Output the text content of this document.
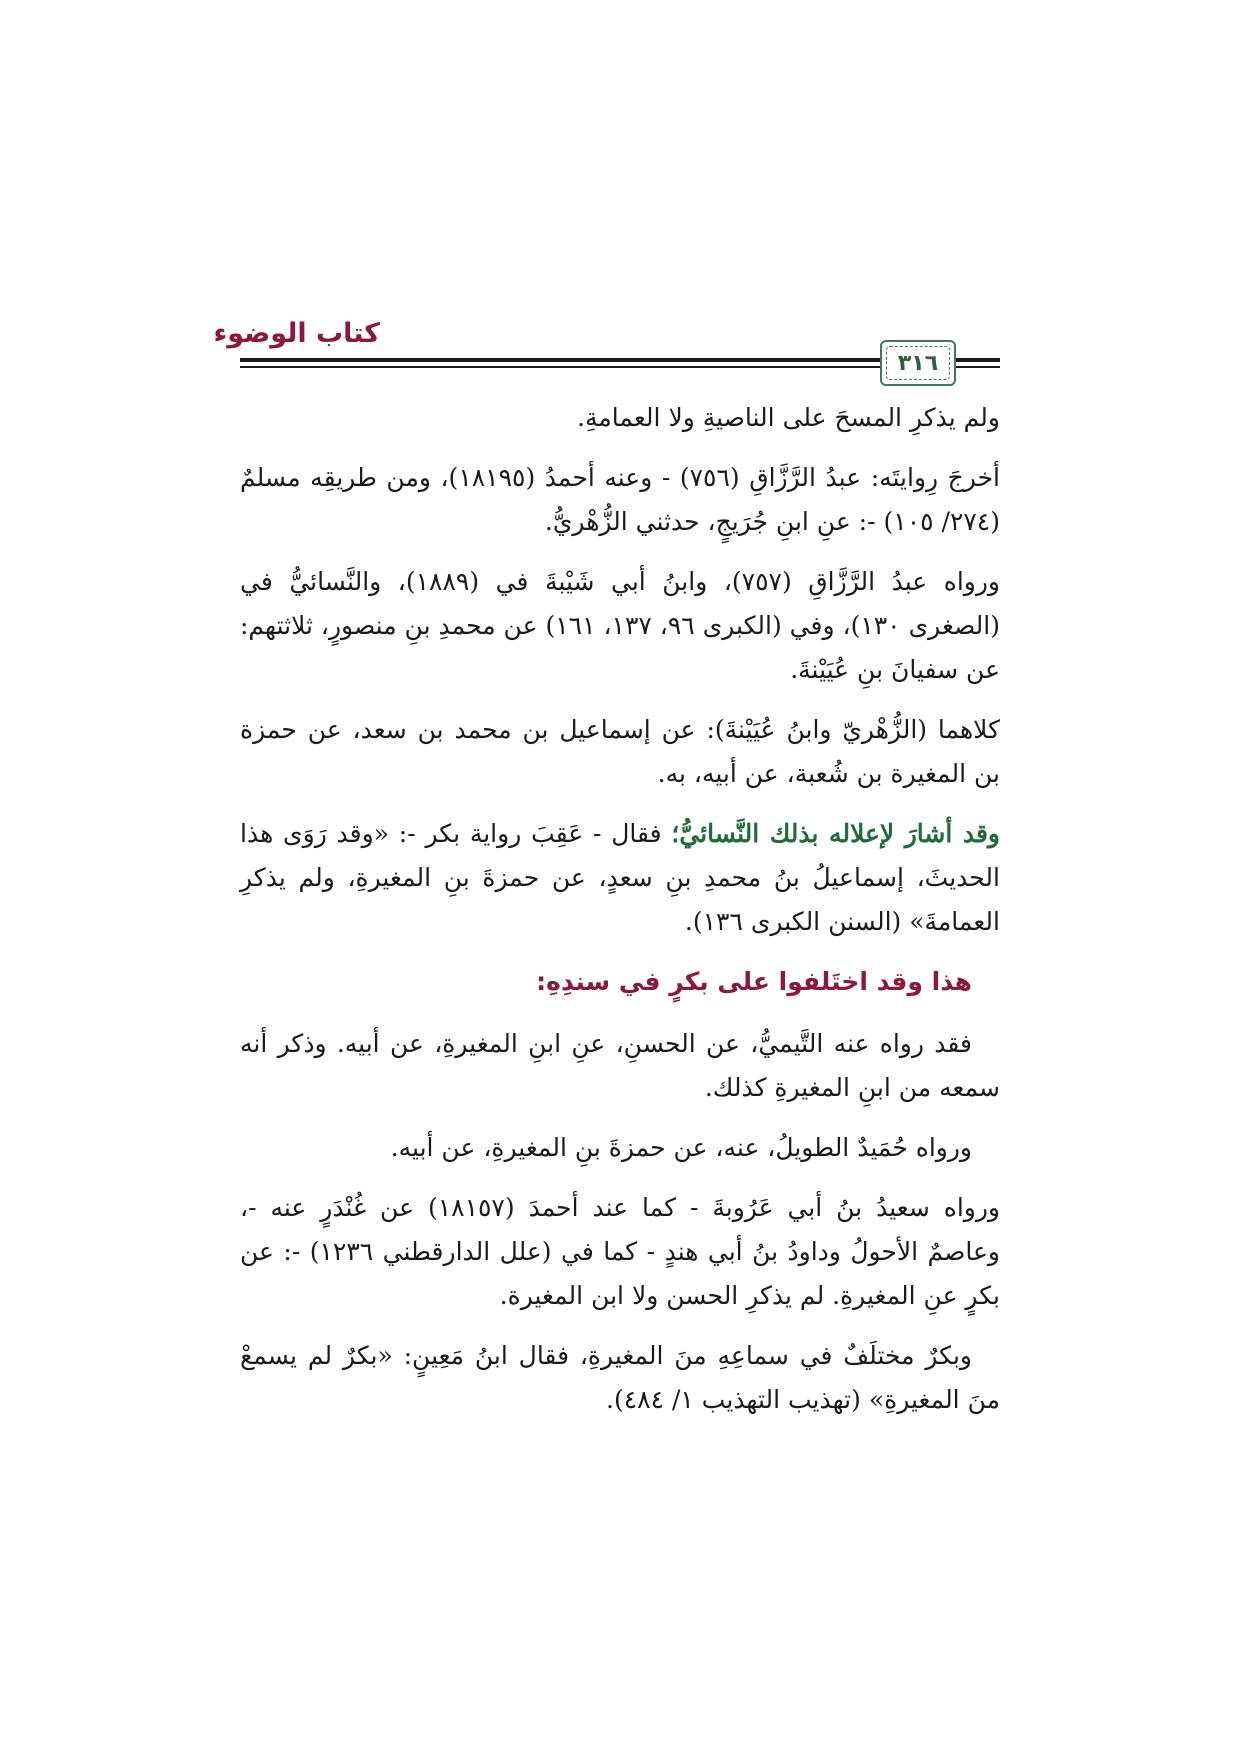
كتاب الوضوء
٣١٦

ولم يذكرِ المسحَ على الناصيةِ ولا العمامةِ.

أخرجَ رِوايتَه: عبدُ الرَّزَّاقِ (٧٥٦) - وعنه أحمدُ (١٨١٩٥)، ومن طريقِه مسلمٌ (٢٧٤/ ١٠٥) -: عنِ ابنِ جُرَيجٍ، حدثني الزُّهْريُّ.

ورواه عبدُ الرَّزَّاقِ (٧٥٧)، وابنُ أبي شَيْبةَ في (١٨٨٩)، والنَّسائيُّ في (الصغرى ١٣٠)، وفي (الكبرى ٩٦، ١٣٧، ١٦١) عن محمدِ بنِ منصورٍ، ثلاثتهم: عن سفيانَ بنِ عُيَيْنةَ.

كلاهما (الزُّهْريّ وابنُ عُيَيْنةَ): عن إسماعيل بن محمد بن سعد، عن حمزة بن المغيرة بن شُعبة، عن أبيه، به.

وقد أشارَ لإعلاله بذلك النَّسائيُّ؛ فقال - عَقِبَ رواية بكر -: «وقد رَوَى هذا الحديثَ، إسماعيلُ بنُ محمدِ بنِ سعدٍ، عن حمزةَ بنِ المغيرةِ، ولم يذكرِ العمامةَ» (السنن الكبرى ١٣٦).

هذا وقد اختَلفوا على بكرٍ في سندِهِ:

فقد رواه عنه التَّيميُّ، عن الحسنِ، عنِ ابنِ المغيرةِ، عن أبيه. وذكر أنه سمعه من ابنِ المغيرةِ كذلك.

ورواه حُمَيدٌ الطويلُ، عنه، عن حمزةَ بنِ المغيرةِ، عن أبيه.

ورواه سعيدُ بنُ أبي عَرُوبةَ - كما عند أحمدَ (١٨١٥٧) عن غُنْدَرٍ عنه -، وعاصمٌ الأحولُ وداودُ بنُ أبي هندٍ - كما في (علل الدارقطني ١٢٣٦) -: عن بكرٍ عنِ المغيرةِ. لم يذكرِ الحسن ولا ابن المغيرة.

وبكرٌ مختلَفٌ في سماعِهِ منَ المغيرةِ، فقال ابنُ مَعِينٍ: «بكرٌ لم يسمعْ منَ المغيرةِ» (تهذيب التهذيب ١/ ٤٨٤).
